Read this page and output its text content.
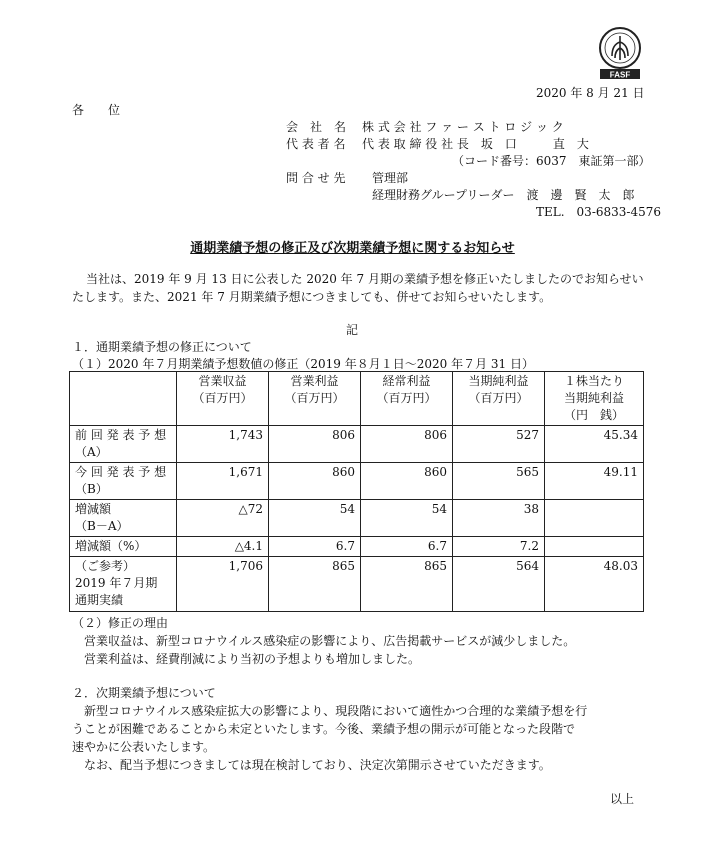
FASF
2020 年 8 月 21 日
各　　位
会　社　名 株 式 会 社 フ ァ ー ス ト ロ ジ ッ ク
代 表 者 名 代 表 取 締 役 社 長　坂　口　　　直　大
（コード番号：6037　東証第一部）
問 合 せ 先 管理部
経理財務グループリーダー　渡　邊　賢　太　郎
TEL.　03-6833-4576
通期業績予想の修正及び次期業績予想に関するお知らせ
当社は、2019 年 9 月 13 日に公表した 2020 年 7 月期の業績予想を修正いたしましたのでお知らせい
たします。また、2021 年 7 月期業績予想につきましても、併せてお知らせいたします。
記
１．通期業績予想の修正について
（１）2020 年７月期業績予想数値の修正（2019 年８月１日～2020 年７月 31 日）
	営業収益
（百万円）	営業利益
（百万円）	経常利益
（百万円）	当期純利益
（百万円）	１株当たり
当期純利益
（円　銭）
前 回 発 表 予 想
（A）	1,743	806	806	527	45.34
今 回 発 表 予 想
（B）	1,671	860	860	565	49.11
増減額
（B－A）	△72	54	54	38	
増減額（%）	△4.1	6.7	6.7	7.2	
（ご参考）
2019 年７月期
通期実績	1,706	865	865	564	48.03
（２）修正の理由
営業収益は、新型コロナウイルス感染症の影響により、広告掲載サービスが減少しました。
営業利益は、経費削減により当初の予想よりも増加しました。
２．次期業績予想について
新型コロナウイルス感染症拡大の影響により、現段階において適性かつ合理的な業績予想を行
うことが困難であることから未定といたします。今後、業績予想の開示が可能となった段階で
速やかに公表いたします。
なお、配当予想につきましては現在検討しており、決定次第開示させていただきます。
以上
